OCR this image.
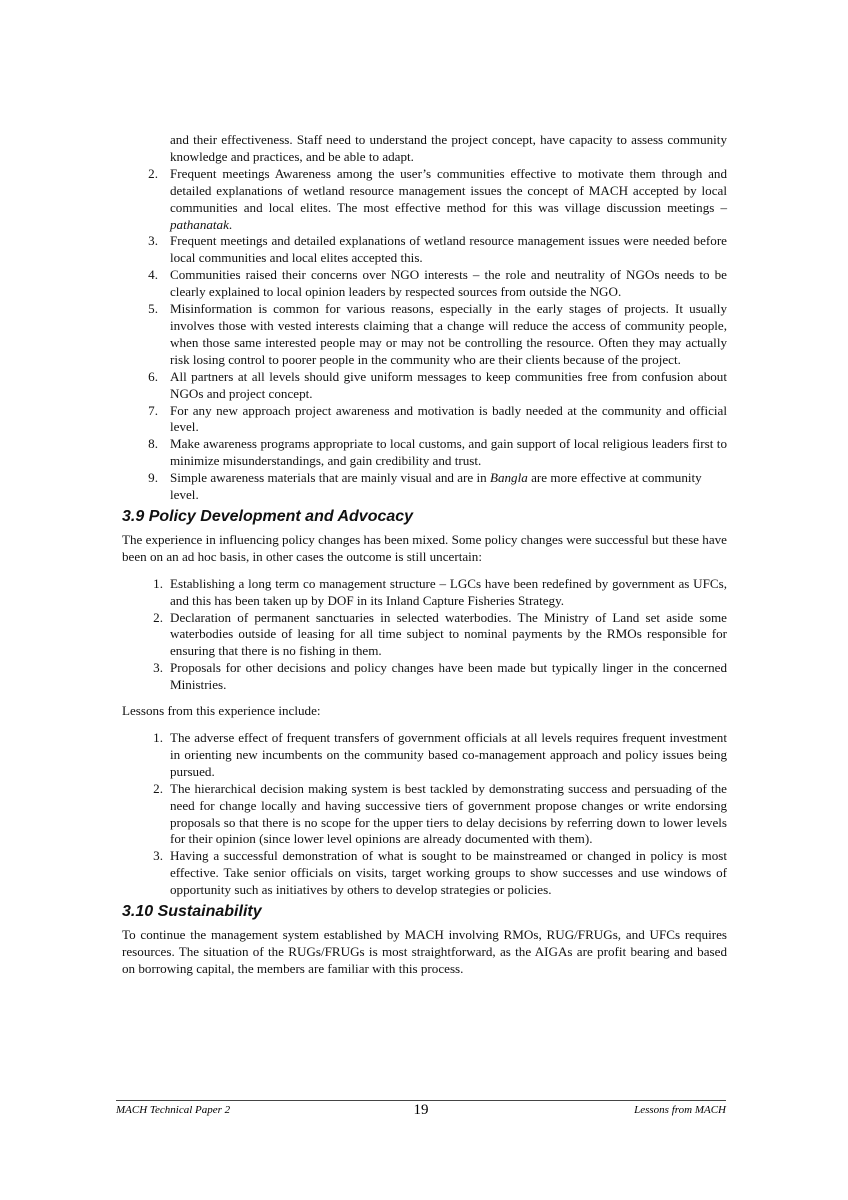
and their effectiveness. Staff need to understand the project concept, have capacity to assess community knowledge and practices, and be able to adapt.

2. Frequent meetings Awareness among the user’s communities effective to motivate them through and detailed explanations of wetland resource management issues the concept of MACH accepted by local communities and local elites. The most effective method for this was village discussion meetings – pathanatak.
3. Frequent meetings and detailed explanations of wetland resource management issues were needed before local communities and local elites accepted this.
4. Communities raised their concerns over NGO interests – the role and neutrality of NGOs needs to be clearly explained to local opinion leaders by respected sources from outside the NGO.
5. Misinformation is common for various reasons, especially in the early stages of projects. It usually involves those with vested interests claiming that a change will reduce the access of community people, when those same interested people may or may not be controlling the resource. Often they may actually risk losing control to poorer people in the community who are their clients because of the project.
6. All partners at all levels should give uniform messages to keep communities free from confusion about NGOs and project concept.
7. For any new approach project awareness and motivation is badly needed at the community and official level.
8. Make awareness programs appropriate to local customs, and gain support of local religious leaders first to minimize misunderstandings, and gain credibility and trust.
9. Simple awareness materials that are mainly visual and are in Bangla are more effective at community level.
3.9 Policy Development and Advocacy

The experience in influencing policy changes has been mixed. Some policy changes were successful but these have been on an ad hoc basis, in other cases the outcome is still uncertain:

1. Establishing a long term co management structure – LGCs have been redefined by government as UFCs, and this has been taken up by DOF in its Inland Capture Fisheries Strategy.
2. Declaration of permanent sanctuaries in selected waterbodies. The Ministry of Land set aside some waterbodies outside of leasing for all time subject to nominal payments by the RMOs responsible for ensuring that there is no fishing in them.
3. Proposals for other decisions and policy changes have been made but typically linger in the concerned Ministries.

Lessons from this experience include:

1. The adverse effect of frequent transfers of government officials at all levels requires frequent investment in orienting new incumbents on the community based co-management approach and policy issues being pursued.
2. The hierarchical decision making system is best tackled by demonstrating success and persuading of the need for change locally and having successive tiers of government propose changes or write endorsing proposals so that there is no scope for the upper tiers to delay decisions by referring down to lower levels for their opinion (since lower level opinions are already documented with them).
3. Having a successful demonstration of what is sought to be mainstreamed or changed in policy is most effective. Take senior officials on visits, target working groups to show successes and use windows of opportunity such as initiatives by others to develop strategies or policies.
3.10 Sustainability

To continue the management system established by MACH involving RMOs, RUG/FRUGs, and UFCs requires resources. The situation of the RUGs/FRUGs is most straightforward, as the AIGAs are profit bearing and based on borrowing capital, the members are familiar with this process.

MACH Technical Paper 2	19	Lessons from MACH
